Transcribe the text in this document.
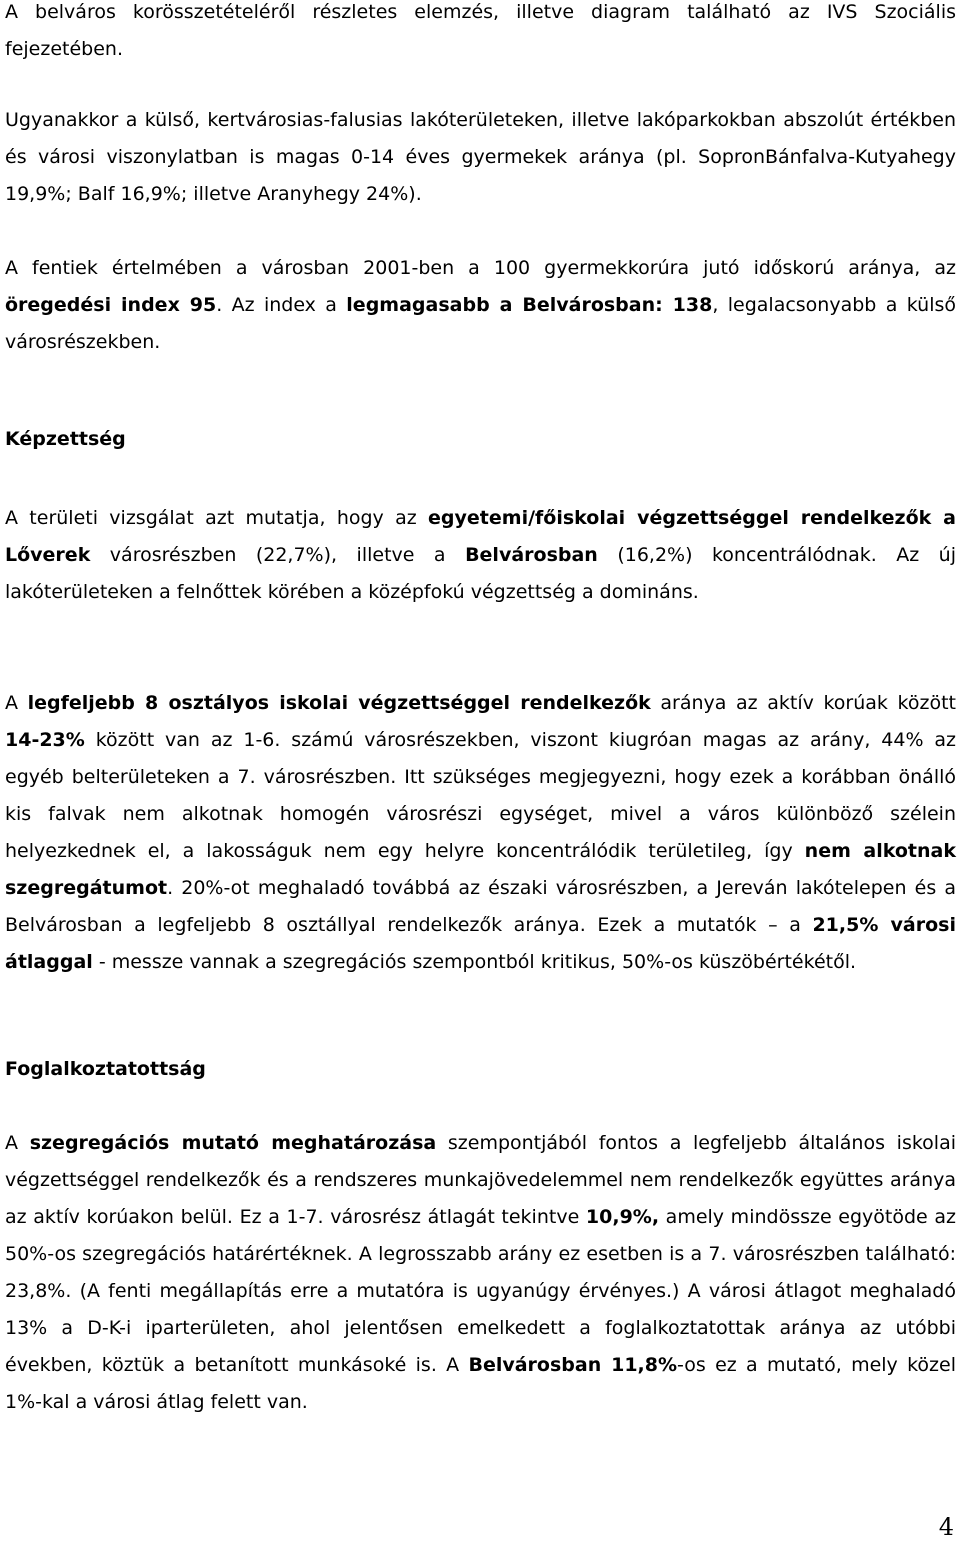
A belváros korösszetételéről részletes elemzés, illetve diagram található az IVS Szociális fejezetében.

Ugyanakkor a külső, kertvárosias-falusias lakóterületeken, illetve lakóparkokban abszolút értékben és városi viszonylatban is magas 0-14 éves gyermekek aránya (pl. SopronBánfalva-Kutyahegy 19,9%; Balf 16,9%; illetve Aranyhegy 24%).

A fentiek értelmében a városban 2001-ben a 100 gyermekkorúra jutó időskorú aránya, az öregedési index 95. Az index a legmagasabb a Belvárosban: 138, legalacsonyabb a külső városrészekben.

Képzettség

A területi vizsgálat azt mutatja, hogy az egyetemi/főiskolai végzettséggel rendelkezők a Lőverek városrészben (22,7%), illetve a Belvárosban (16,2%) koncentrálódnak. Az új lakóterületeken a felnőttek körében a középfokú végzettség a domináns.

A legfeljebb 8 osztályos iskolai végzettséggel rendelkezők aránya az aktív korúak között 14-23% között van az 1-6. számú városrészekben, viszont kiugróan magas az arány, 44% az egyéb belterületeken a 7. városrészben. Itt szükséges megjegyezni, hogy ezek a korábban önálló kis falvak nem alkotnak homogén városrészi egységet, mivel a város különböző szélein helyezkednek el, a lakosságuk nem egy helyre koncentrálódik területileg, így nem alkotnak szegregátumot. 20%-ot meghaladó továbbá az északi városrészben, a Jereván lakótelepen és a Belvárosban a legfeljebb 8 osztállyal rendelkezők aránya. Ezek a mutatók – a 21,5% városi átlaggal - messze vannak a szegregációs szempontból kritikus, 50%-os küszöbértékétől.

Foglalkoztatottság

A szegregációs mutató meghatározása szempontjából fontos a legfeljebb általános iskolai végzettséggel rendelkezők és a rendszeres munkajövedelemmel nem rendelkezők együttes aránya az aktív korúakon belül. Ez a 1-7. városrész átlagát tekintve 10,9%, amely mindössze egyötöde az 50%-os szegregációs határértéknek. A legrosszabb arány ez esetben is a 7. városrészben található: 23,8%. (A fenti megállapítás erre a mutatóra is ugyanúgy érvényes.) A városi átlagot meghaladó 13% a D-K-i iparterületen, ahol jelentősen emelkedett a foglalkoztatottak aránya az utóbbi években, köztük a betanított munkásoké is. A Belvárosban 11,8%-os ez a mutató, mely közel 1%-kal a városi átlag felett van.

4
